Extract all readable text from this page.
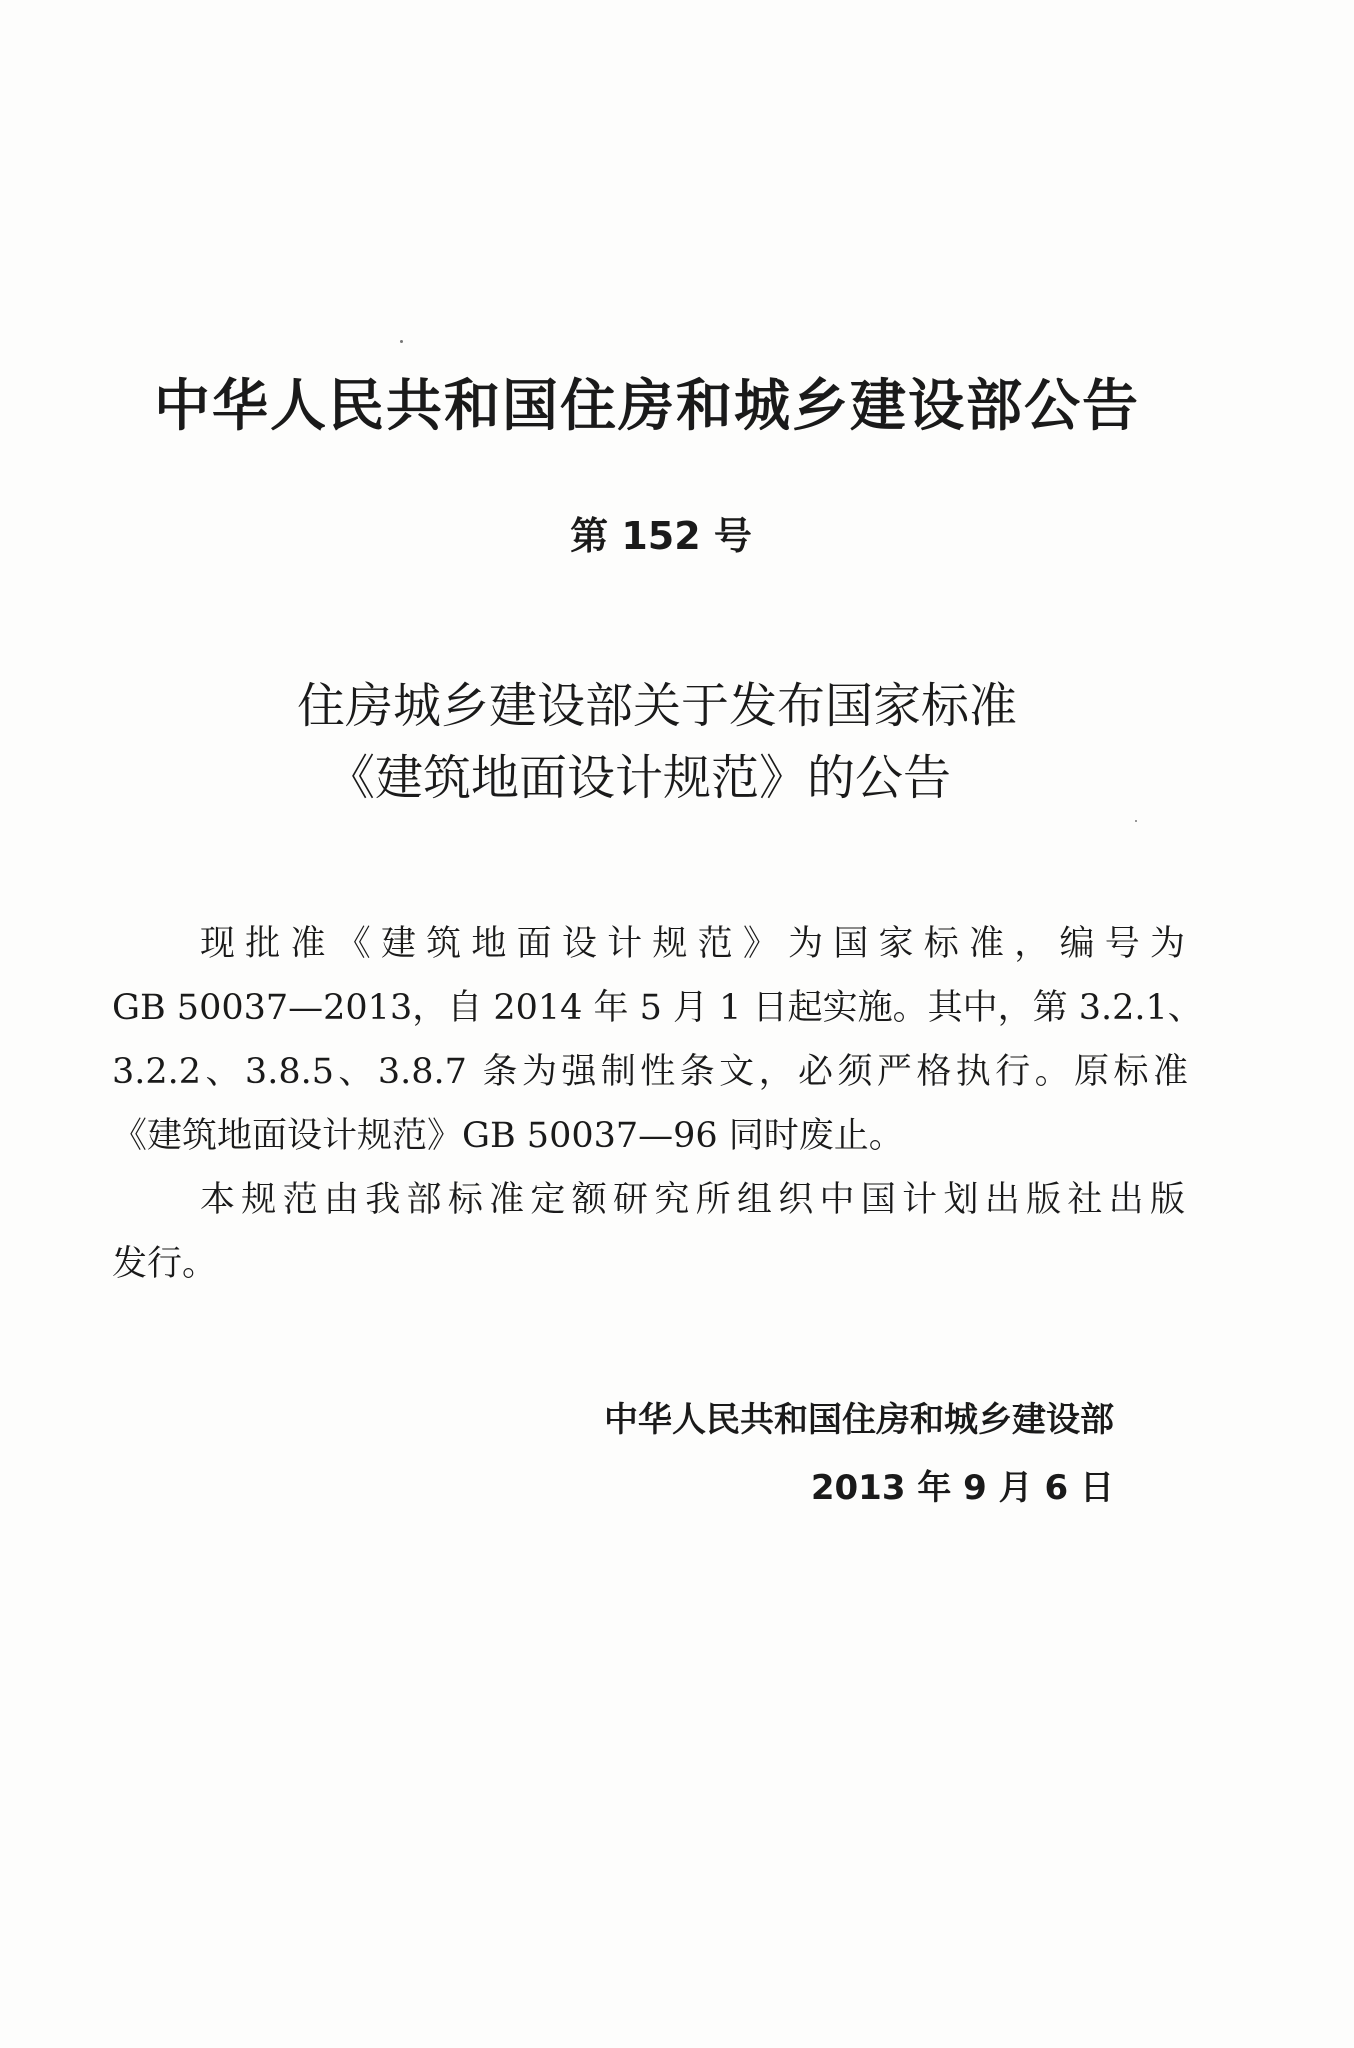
中华人民共和国住房和城乡建设部公告
第 152 号
住房城乡建设部关于发布国家标准
《建筑地面设计规范》的公告
现批准《建筑地面设计规范》为国家标准，编号为
GB 50037—2013，自 2014 年 5 月 1 日起实施。其中，第 3.2.1、
3.2.2、3.8.5、3.8.7 条为强制性条文，必须严格执行。原标准
《建筑地面设计规范》GB 50037—96 同时废止。
本规范由我部标准定额研究所组织中国计划出版社出版
发行。
中华人民共和国住房和城乡建设部
2013 年 9 月 6 日
